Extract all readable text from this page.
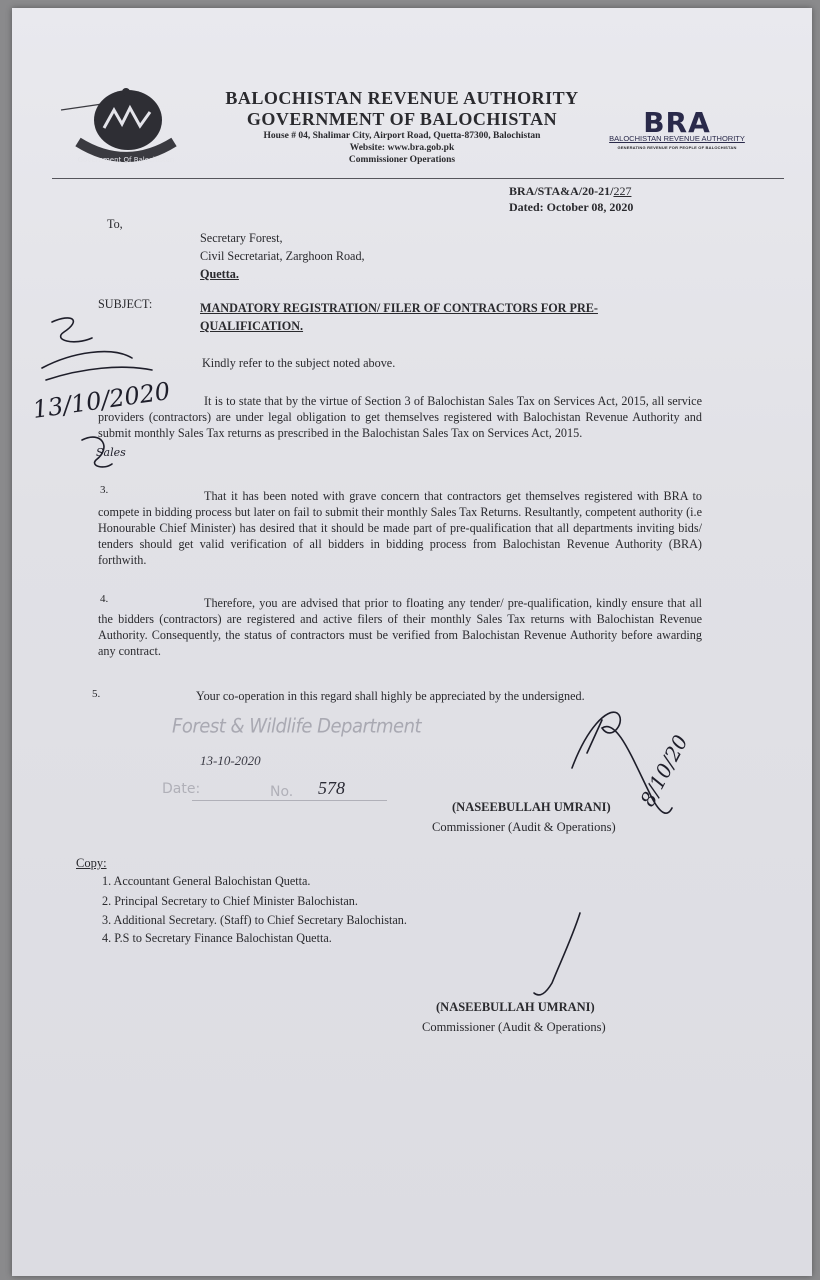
Government Of Balochistan
BALOCHISTAN REVENUE AUTHORITY
GOVERNMENT OF BALOCHISTAN
House # 04, Shalimar City, Airport Road, Quetta-87300, Balochistan
Website: www.bra.gob.pk
Commissioner Operations
BRA
BALOCHISTAN REVENUE AUTHORITY
GENERATING REVENUE FOR PEOPLE OF BALOCHISTAN
BRA/STA&A/20-21/227
Dated: October 08, 2020
To,
Secretary Forest,
Civil Secretariat, Zarghoon Road,
Quetta.
SUBJECT:	MANDATORY REGISTRATION/ FILER OF CONTRACTORS FOR PRE-
QUALIFICATION.
Kindly refer to the subject noted above.
It is to state that by the virtue of Section 3 of Balochistan Sales Tax on Services Act, 2015, all service providers (contractors) are under legal obligation to get themselves registered with Balochistan Revenue Authority and submit monthly Sales Tax returns as prescribed in the Balochistan Sales Tax on Services Act, 2015.
3.	That it has been noted with grave concern that contractors get themselves registered with BRA to compete in bidding process but later on fail to submit their monthly Sales Tax Returns. Resultantly, competent authority (i.e Honourable Chief Minister) has desired that it should be made part of pre-qualification that all departments inviting bids/ tenders should get valid verification of all bidders in bidding process from Balochistan Revenue Authority (BRA) forthwith.
4.	Therefore, you are advised that prior to floating any tender/ pre-qualification, kindly ensure that all the bidders (contractors) are registered and active filers of their monthly Sales Tax returns with Balochistan Revenue Authority. Consequently, the status of contractors must be verified from Balochistan Revenue Authority before awarding any contract.
5.	Your co-operation in this regard shall highly be appreciated by the undersigned.
Forest & Wildlife Department
13-10-2020
Date:	No. 578
(NASEEBULLAH UMRANI)
Commissioner (Audit & Operations)
Copy:
1. Accountant General Balochistan Quetta.
2. Principal Secretary to Chief Minister Balochistan.
3. Additional Secretary. (Staff) to Chief Secretary Balochistan.
4. P.S to Secretary Finance Balochistan Quetta.
(NASEEBULLAH UMRANI)
Commissioner (Audit & Operations)
13/10/2020
Sales
8/10/20
